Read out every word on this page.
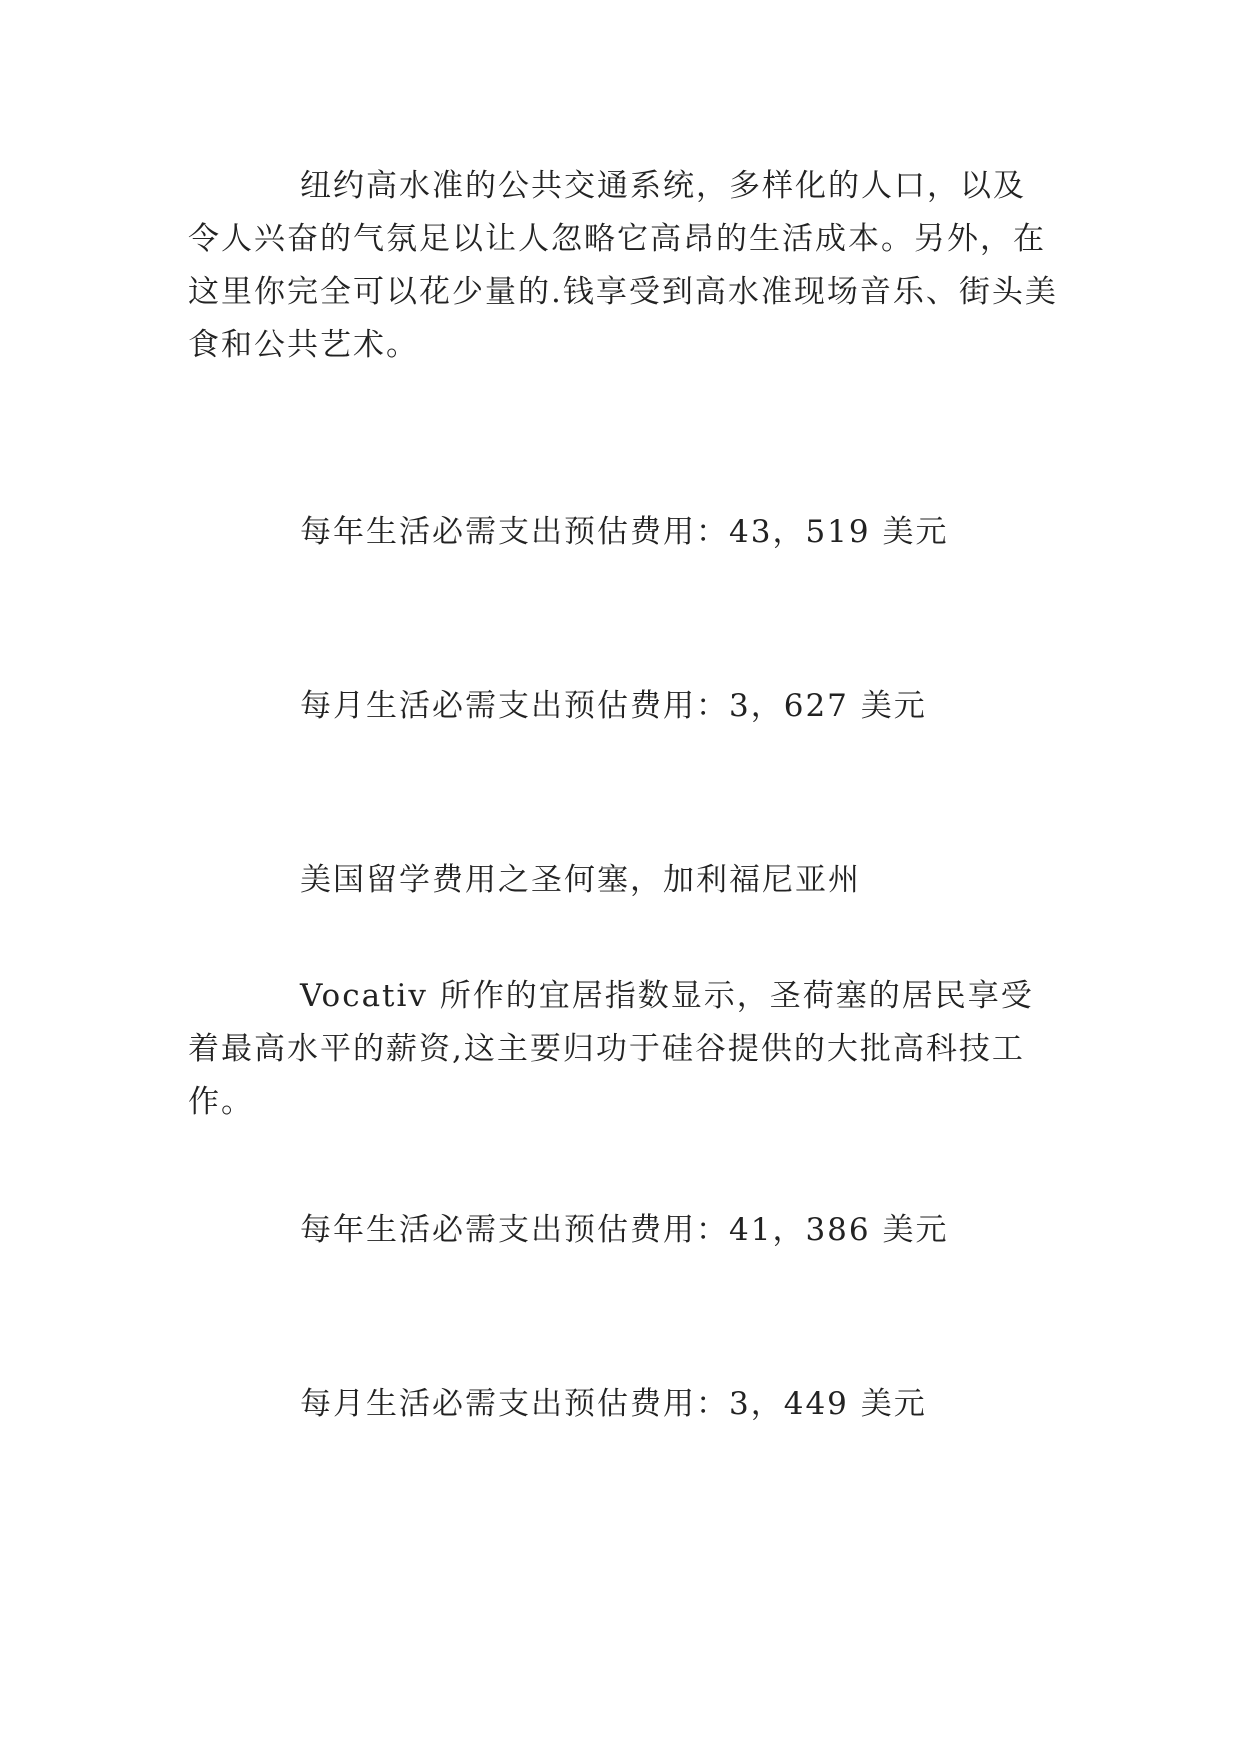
纽约高水准的公共交通系统，多样化的人口，以及令人兴奋的气氛足以让人忽略它高昂的生活成本。另外，在这里你完全可以花少量的.钱享受到高水准现场音乐、街头美食和公共艺术。

每年生活必需支出预估费用：43，519 美元

每月生活必需支出预估费用：3，627 美元

美国留学费用之圣何塞，加利福尼亚州

Vocativ 所作的宜居指数显示，圣荷塞的居民享受着最高水平的薪资,这主要归功于硅谷提供的大批高科技工作。

每年生活必需支出预估费用：41，386 美元

每月生活必需支出预估费用：3，449 美元
